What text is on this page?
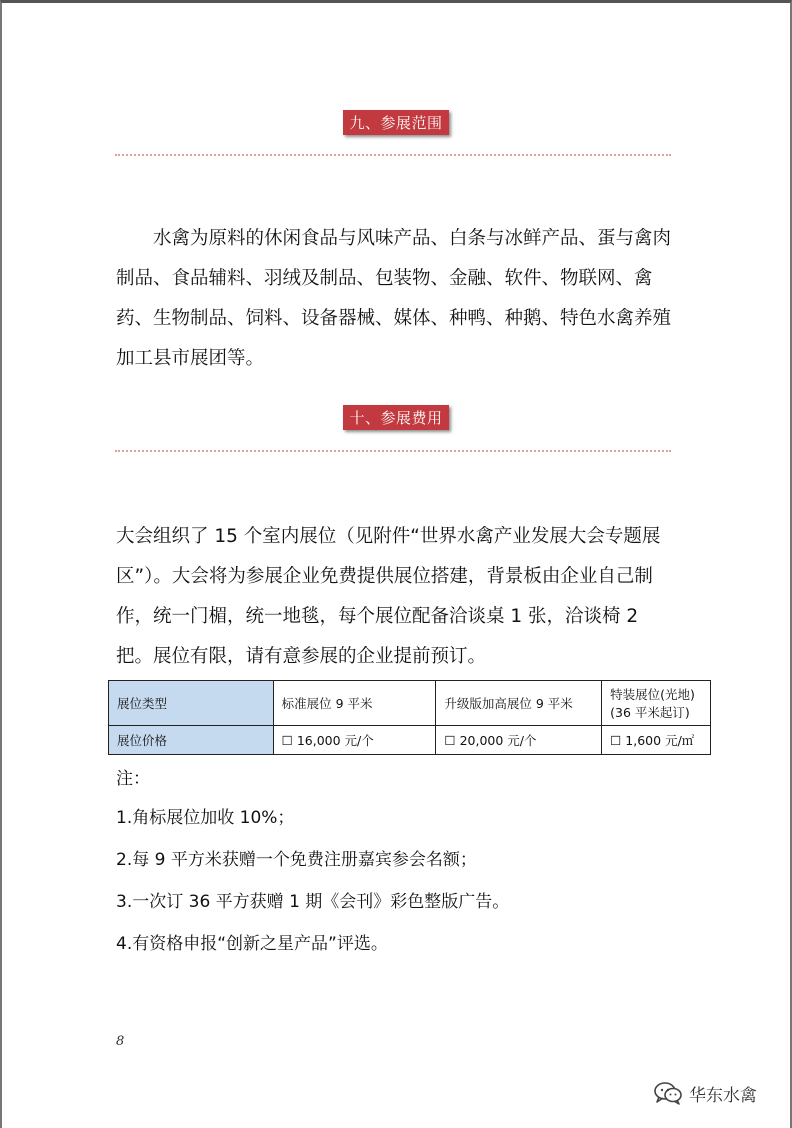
九、参展范围

水禽为原料的休闲食品与风味产品、白条与冰鲜产品、蛋与禽肉制品、食品辅料、羽绒及制品、包装物、金融、软件、物联网、禽药、生物制品、饲料、设备器械、媒体、种鸭、种鹅、特色水禽养殖加工县市展团等。

十、参展费用

大会组织了 15 个室内展位（见附件“世界水禽产业发展大会专题展区”）。大会将为参展企业免费提供展位搭建，背景板由企业自己制作，统一门楣，统一地毯，每个展位配备洽谈桌 1 张，洽谈椅 2 把。展位有限，请有意参展的企业提前预订。

展位类型	标准展位 9 平米	升级版加高展位 9 平米	特装展位(光地)
(36 平米起订)

展位价格	☐ 16,000 元/个	☐ 20,000 元/个	☐ 1,600 元/㎡

注：

1.角标展位加收 10%；

2.每 9 平方米获赠一个免费注册嘉宾参会名额；

3.一次订 36 平方获赠 1 期《会刊》彩色整版广告。

4.有资格申报“创新之星产品”评选。

8
华东水禽
